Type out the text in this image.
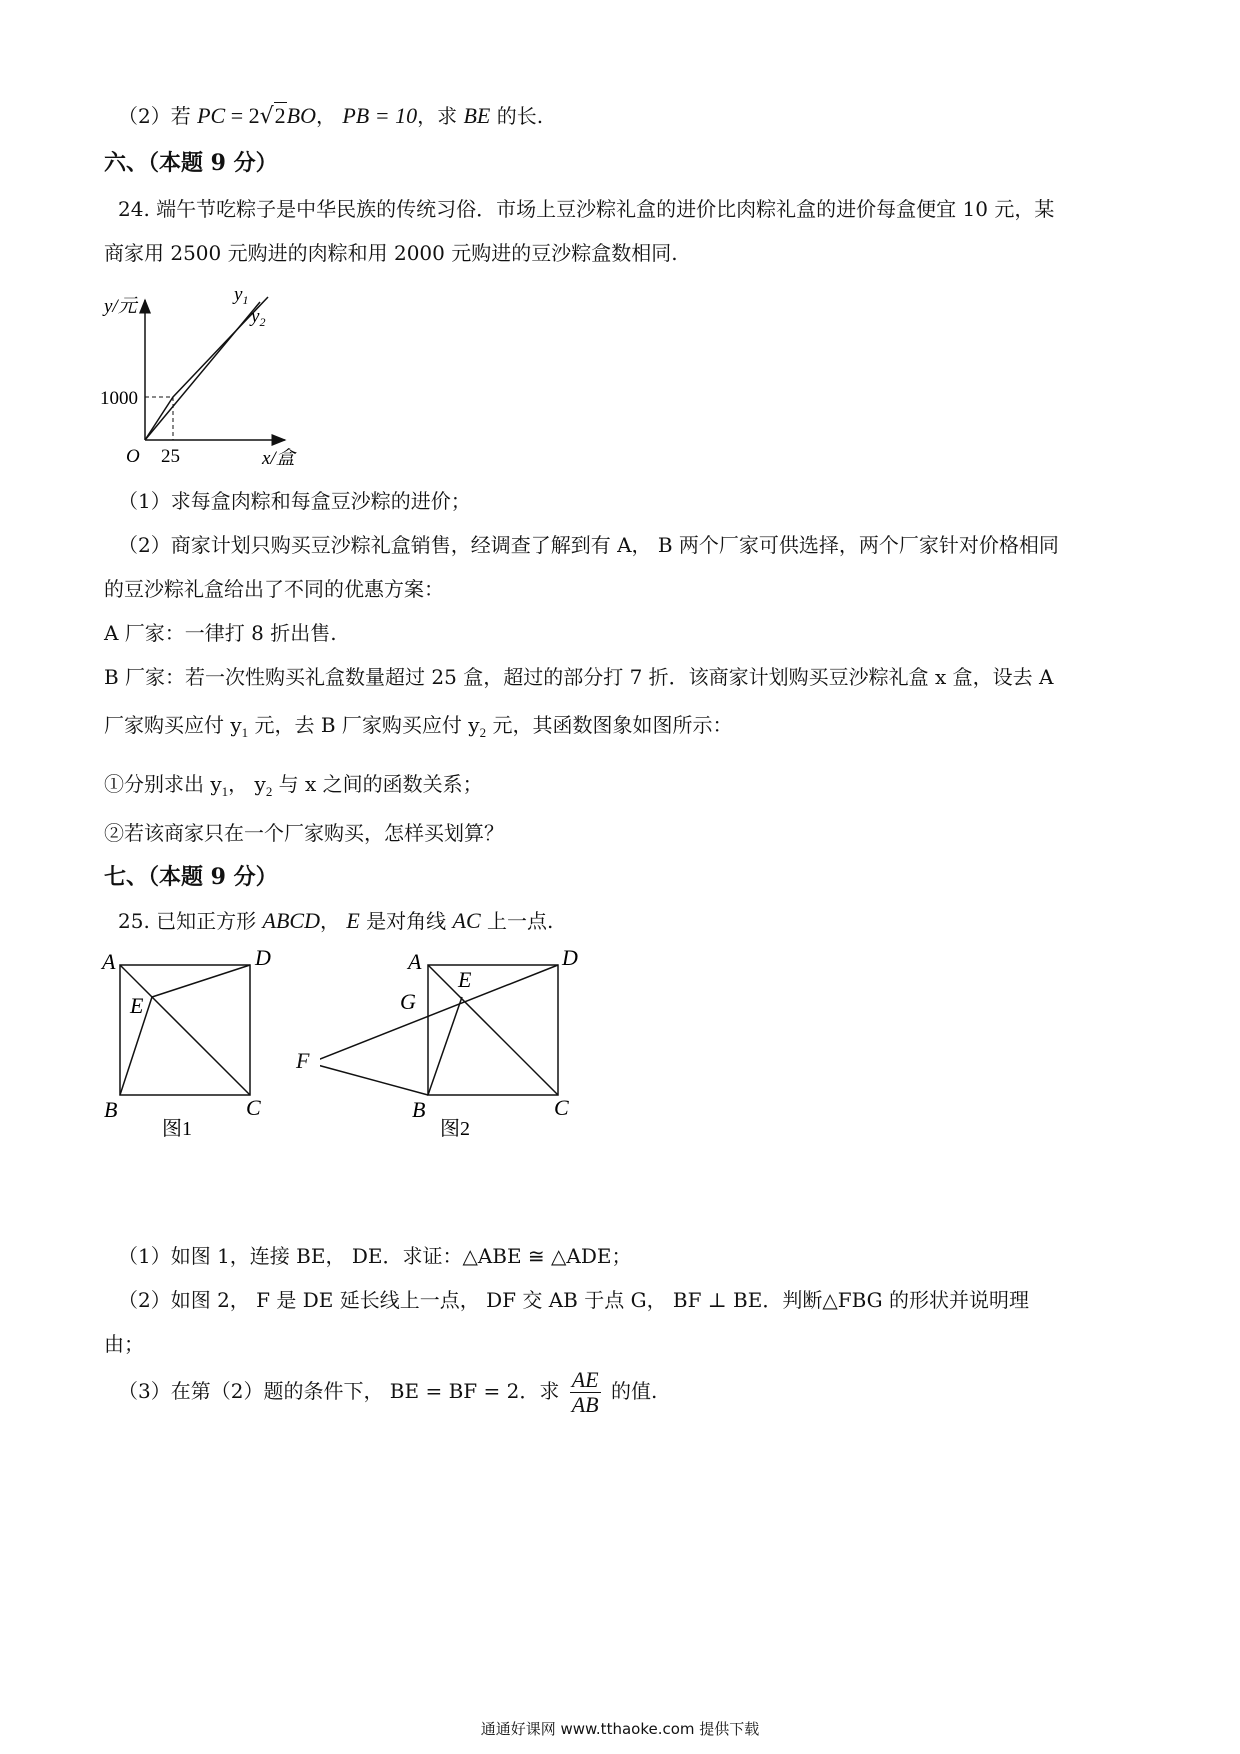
（2）若 PC = 2√2BO， PB = 10，求 BE 的长.
六、（本题 9 分）
24. 端午节吃粽子是中华民族的传统习俗．市场上豆沙粽礼盒的进价比肉粽礼盒的进价每盒便宜 10 元，某
商家用 2500 元购进的肉粽和用 2000 元购进的豆沙粽盒数相同.
y/元
x/盒
O
1000
25
$y_1$
$y_2$
（1）求每盒肉粽和每盒豆沙粽的进价；
（2）商家计划只购买豆沙粽礼盒销售，经调查了解到有 A， B 两个厂家可供选择，两个厂家针对价格相同
的豆沙粽礼盒给出了不同的优惠方案：
A 厂家：一律打 8 折出售.
B 厂家：若一次性购买礼盒数量超过 25 盒，超过的部分打 7 折．该商家计划购买豆沙粽礼盒 x 盒，设去 A
厂家购买应付 $y_1$ 元，去 B 厂家购买应付 $y_2$ 元，其函数图象如图所示：
①分别求出 $y_1$， $y_2$ 与 x 之间的函数关系；
②若该商家只在一个厂家购买，怎样买划算？
七、（本题 9 分）
25. 已知正方形 ABCD， E 是对角线 AC 上一点.
A	D
E
B	C
图1
A	D
E
G
B	C
图2
F
（1）如图 1，连接 BE， DE．求证：△ABE ≅ △ADE；
（2）如图 2， F 是 DE 延长线上一点， DF 交 AB 于点 G， BF ⊥ BE．判断△FBG 的形状并说明理
由；
（3）在第（2）题的条件下， BE = BF = 2．求 $\frac{AE}{AB}$ 的值.
通通好课网 www.tthaoke.com 提供下载
